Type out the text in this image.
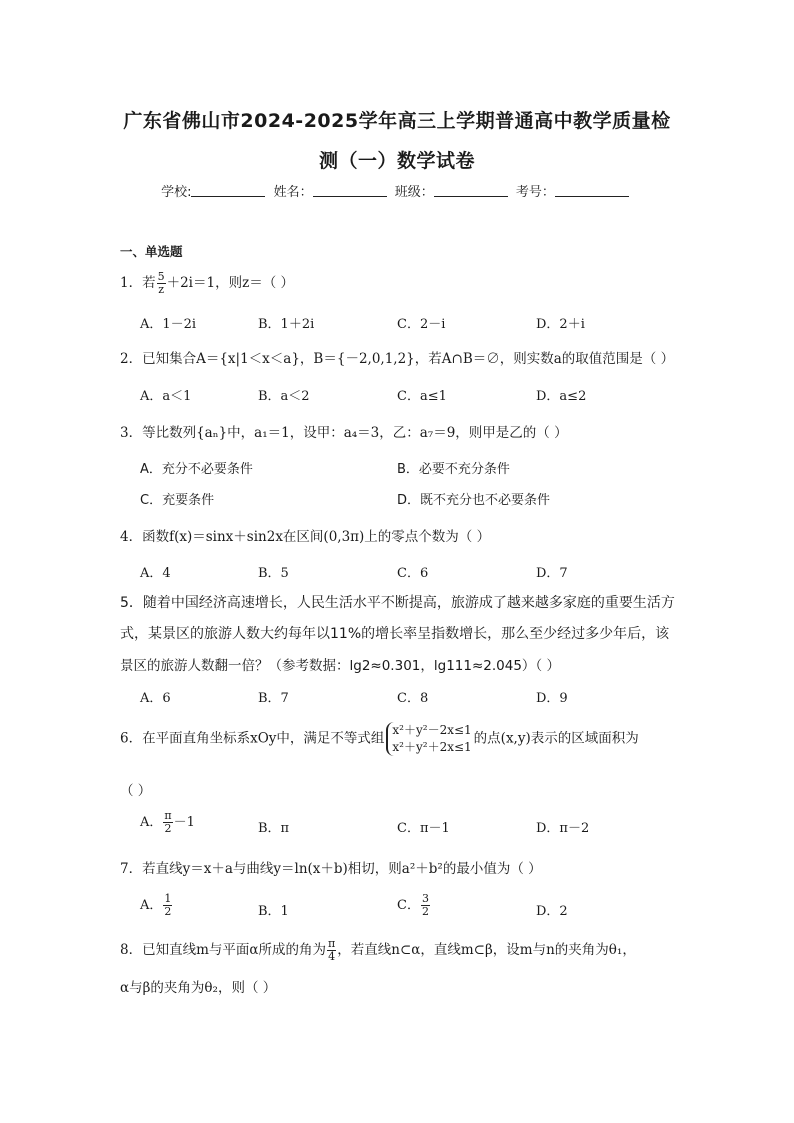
广东省佛山市2024-2025学年高三上学期普通高中教学质量检
测（一）数学试卷
学校:	姓名：	班级：	考号：
一、单选题
1．若 $\frac{5}{z} +2i=1$，则z＝（ ）
A．1－2i	B．1＋2i	C．2－i	D．2＋i
2．已知集合A＝{x|1＜x＜a}，B＝{－2,0,1,2}，若A∩B＝∅，则实数a的取值范围是（ ）
A．a＜1	B．a＜2	C．a≤1	D．a≤2
3．等比数列{aₙ}中，a₁＝1，设甲：a₄＝3，乙：a₇＝9，则甲是乙的（ ）
A．充分不必要条件	B．必要不充分条件
C．充要条件	D．既不充分也不必要条件
4．函数f(x)＝sinx＋sin2x在区间(0,3π)上的零点个数为（ ）
A．4	B．5	C．6	D．7
5．随着中国经济高速增长，人民生活水平不断提高，旅游成了越来越多家庭的重要生活方
式，某景区的旅游人数大约每年以11%的增长率呈指数增长，那么至少经过多少年后，该
景区的旅游人数翻一倍？（参考数据：lg2≈0.301，lg111≈2.045）（ ）
A．6	B．7	C．8	D．9
6．在平面直角坐标系xOy中，满足不等式组
x²＋y²－2x≤1
x²＋y²＋2x≤1
的点(x,y)表示的区域面积为
（ ）
A． $\frac{\pi}{2} -1$	B．π	C．π－1	D．π－2
7．若直线y＝x＋a与曲线y＝ln(x＋b)相切，则a²＋b²的最小值为（ ）
A． $\frac{1}{2}$	B．1	C． $\frac{3}{2}$	D．2
8．已知直线m与平面α所成的角为 $\frac{\pi}{4}$ ，若直线n⊂α，直线m⊂β，设m与n的夹角为θ₁，
α与β的夹角为θ₂，则（ ）
